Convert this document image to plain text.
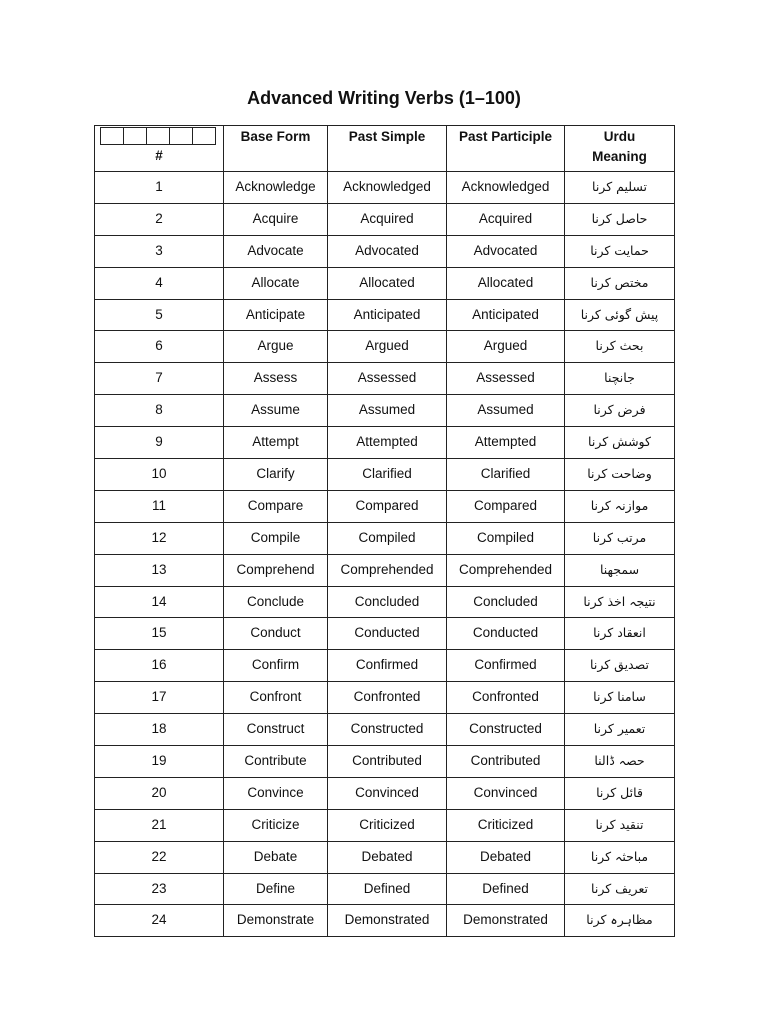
Advanced Writing Verbs (1–100)
#	Base Form	Past Simple	Past Participle	Urdu Meaning
1	Acknowledge	Acknowledged	Acknowledged	تسلیم کرنا
2	Acquire	Acquired	Acquired	حاصل کرنا
3	Advocate	Advocated	Advocated	حمایت کرنا
4	Allocate	Allocated	Allocated	مختص کرنا
5	Anticipate	Anticipated	Anticipated	پیش گوئی کرنا
6	Argue	Argued	Argued	بحث کرنا
7	Assess	Assessed	Assessed	جانچنا
8	Assume	Assumed	Assumed	فرض کرنا
9	Attempt	Attempted	Attempted	کوشش کرنا
10	Clarify	Clarified	Clarified	وضاحت کرنا
11	Compare	Compared	Compared	موازنہ کرنا
12	Compile	Compiled	Compiled	مرتب کرنا
13	Comprehend	Comprehended	Comprehended	سمجھنا
14	Conclude	Concluded	Concluded	نتیجہ اخذ کرنا
15	Conduct	Conducted	Conducted	انعقاد کرنا
16	Confirm	Confirmed	Confirmed	تصدیق کرنا
17	Confront	Confronted	Confronted	سامنا کرنا
18	Construct	Constructed	Constructed	تعمیر کرنا
19	Contribute	Contributed	Contributed	حصہ ڈالنا
20	Convince	Convinced	Convinced	قائل کرنا
21	Criticize	Criticized	Criticized	تنقید کرنا
22	Debate	Debated	Debated	مباحثہ کرنا
23	Define	Defined	Defined	تعریف کرنا
24	Demonstrate	Demonstrated	Demonstrated	مظاہرہ کرنا
